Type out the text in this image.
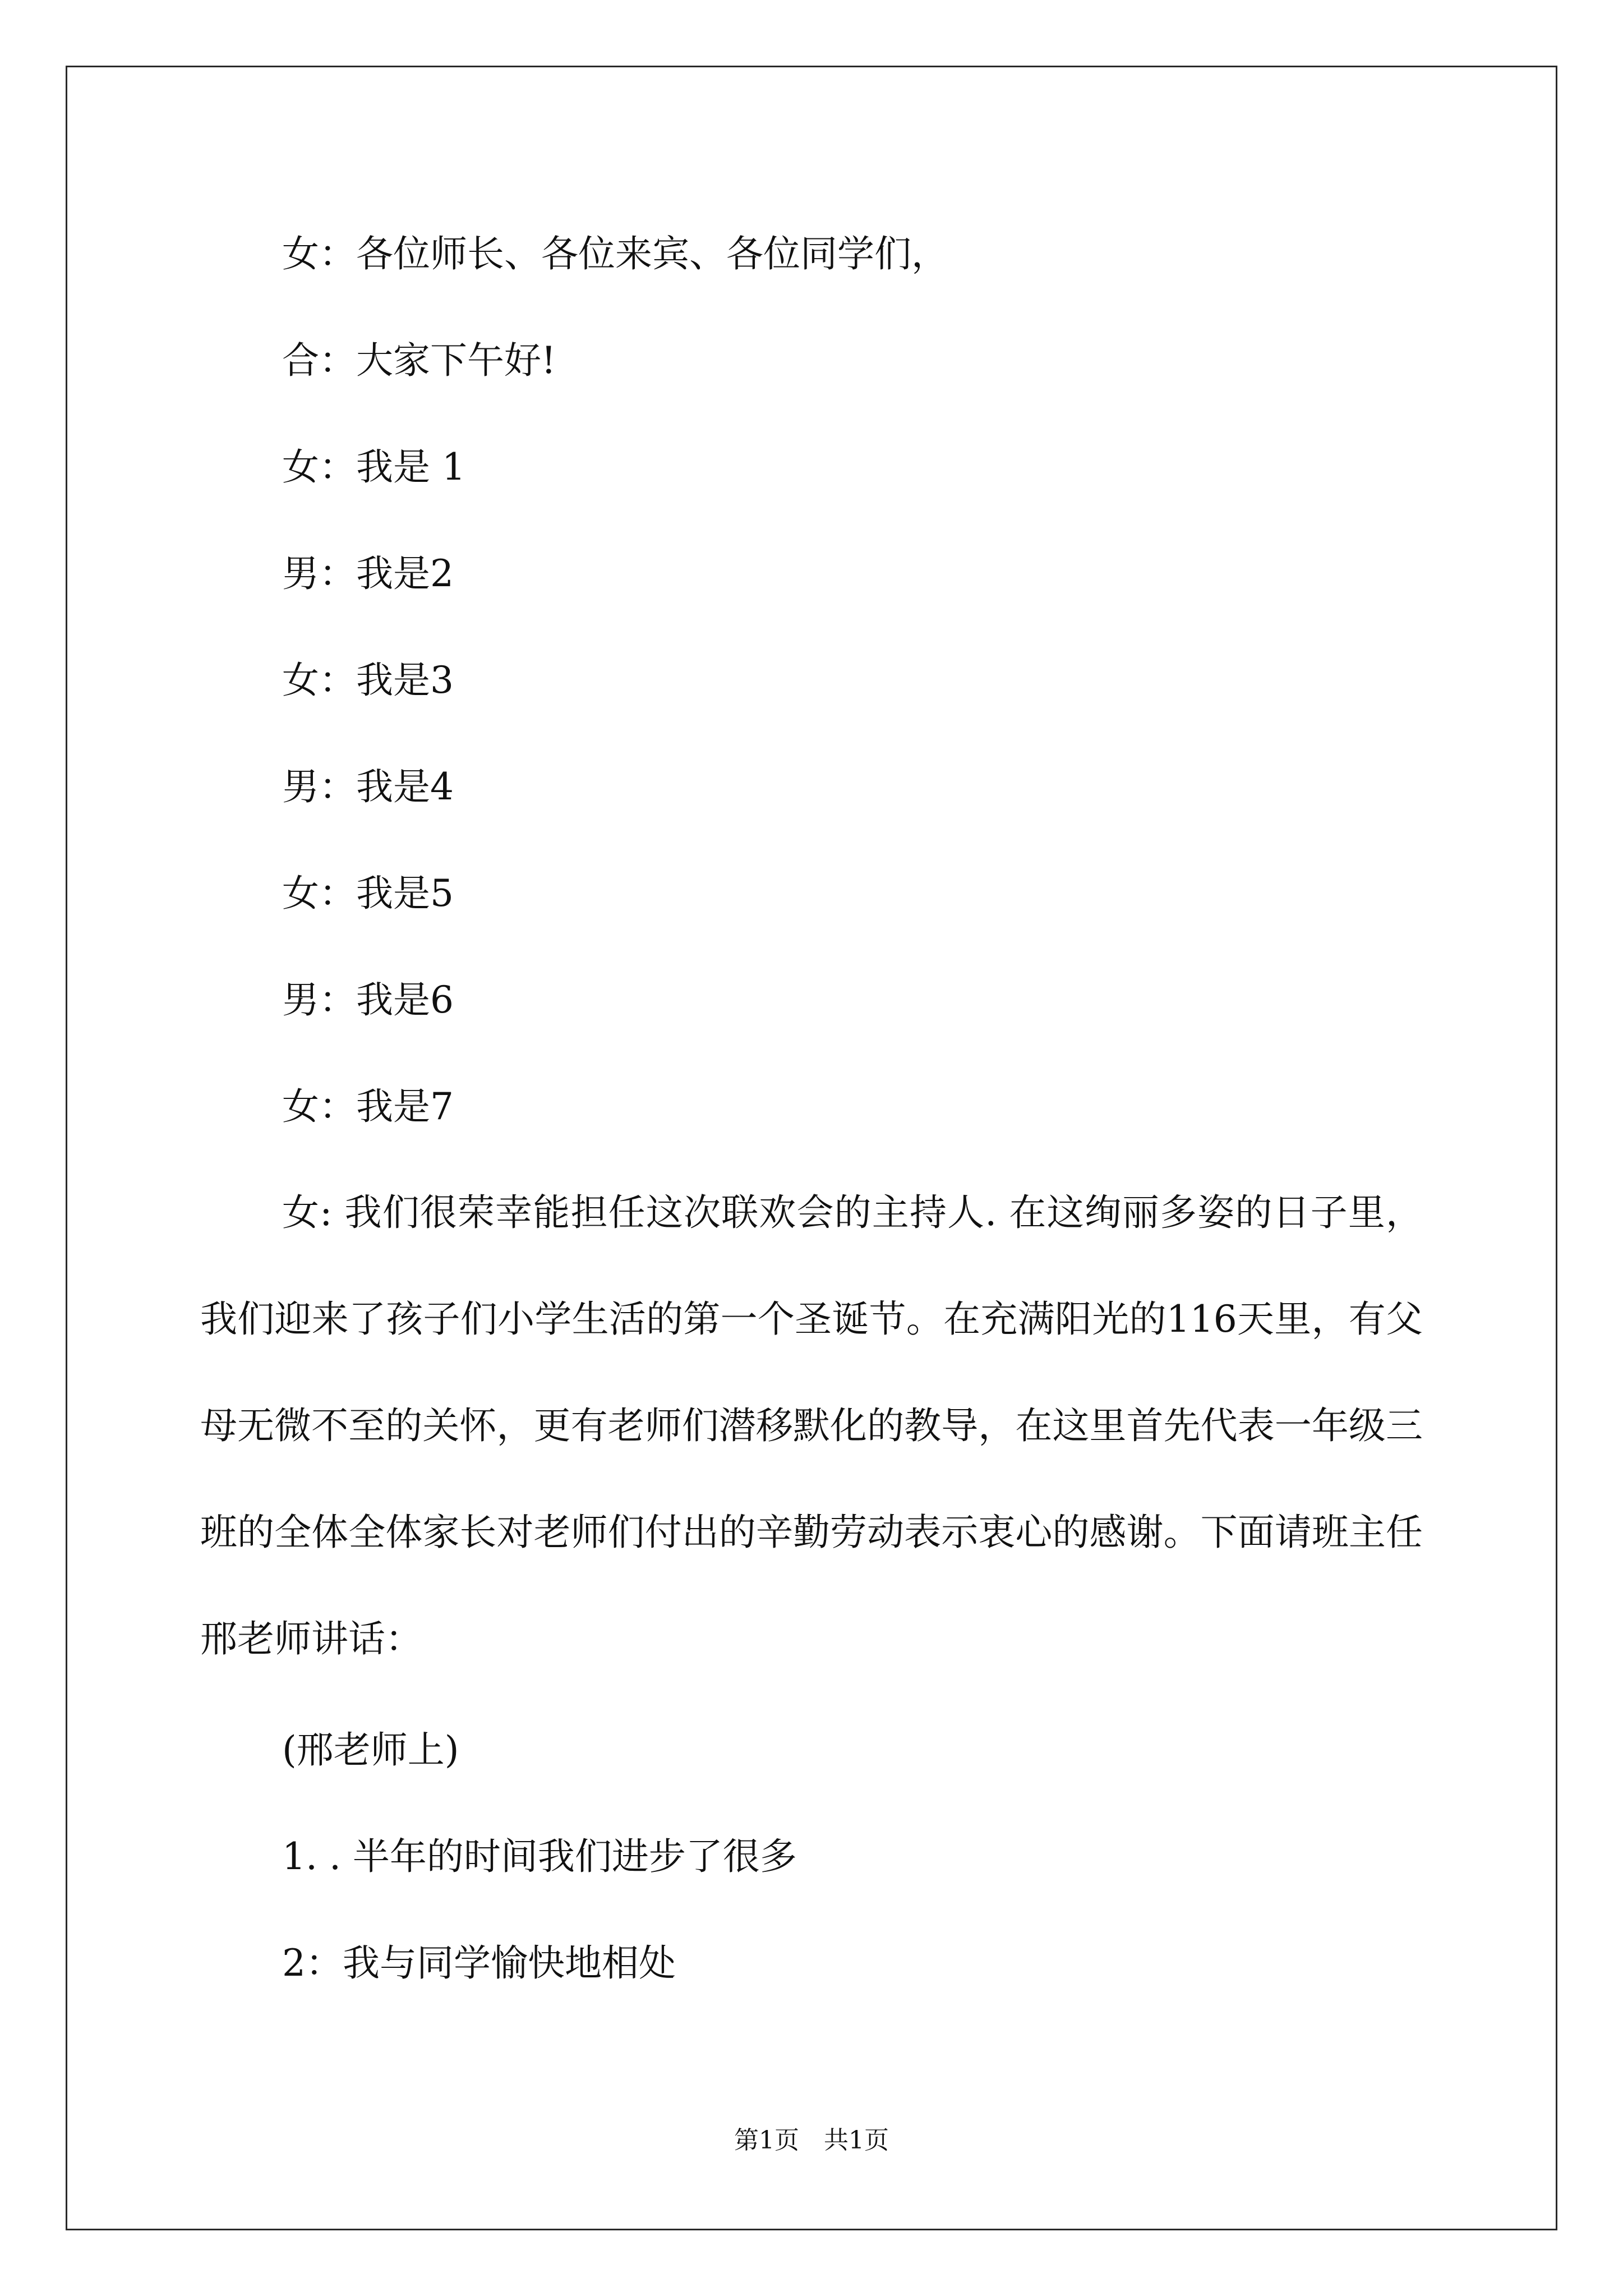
女：各位师长、各位来宾、各位同学们，
合：大家下午好!
女：我是 1
男：我是2
女：我是3
男：我是4
女：我是5
男：我是6
女：我是7

女: 我们很荣幸能担任这次联欢会的主持人. 在这绚丽多姿的日子里，我们迎来了孩子们小学生活的第一个圣诞节。在充满阳光的116天里，有父母无微不至的关怀，更有老师们潜移默化的教导，在这里首先代表一年级三班的全体全体家长对老师们付出的辛勤劳动表示衷心的感谢。下面请班主任邢老师讲话：

(邢老师上)
1. . 半年的时间我们进步了很多
2：我与同学愉快地相处
第1页　共1页
